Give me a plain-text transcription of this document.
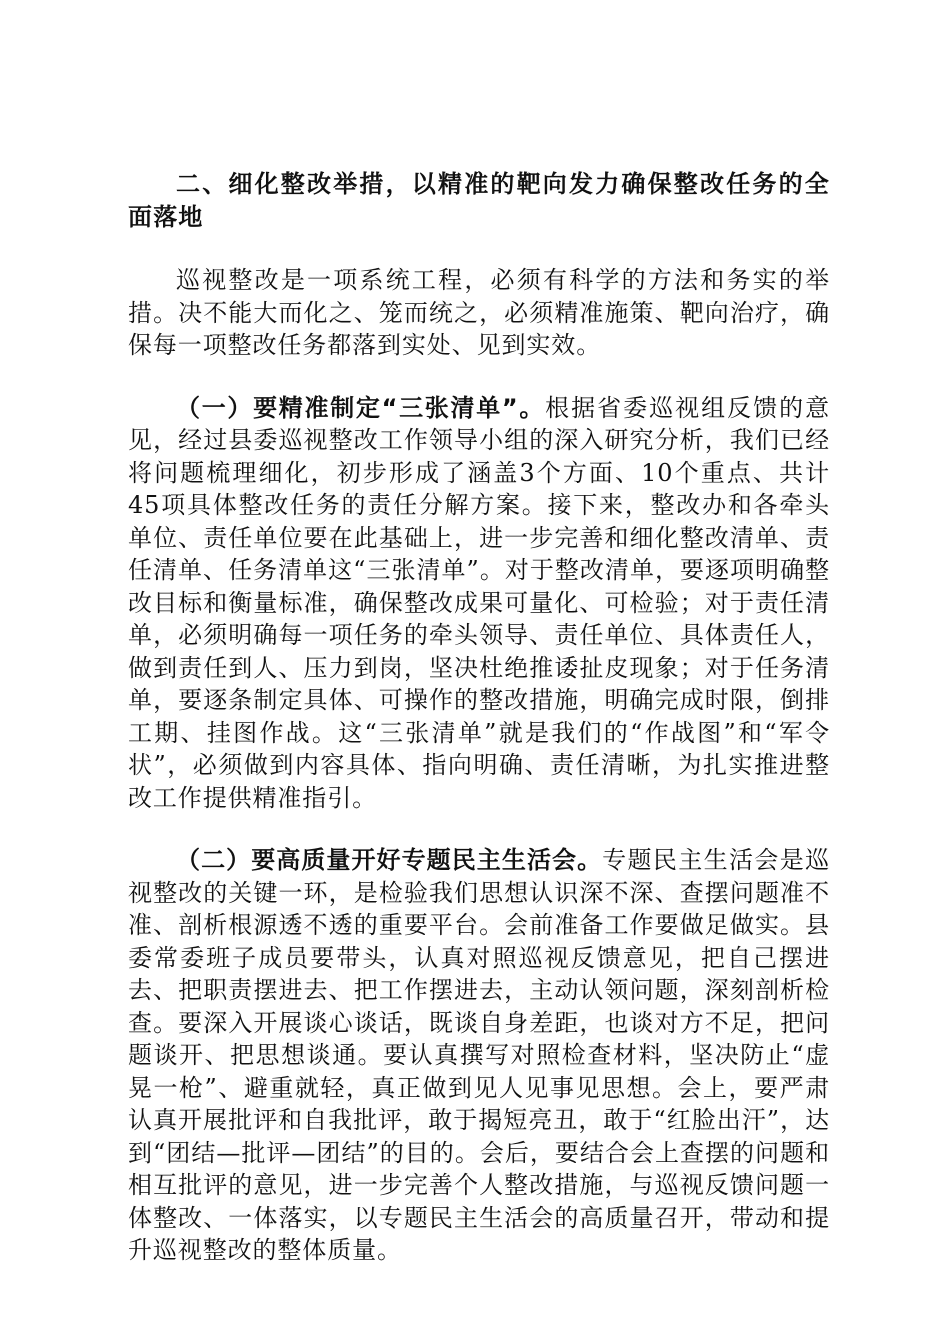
二、细化整改举措，以精准的靶向发力确保整改任务的全面落地

巡视整改是一项系统工程，必须有科学的方法和务实的举措。决不能大而化之、笼而统之，必须精准施策、靶向治疗，确保每一项整改任务都落到实处、见到实效。

（一）要精准制定“三张清单”。根据省委巡视组反馈的意见，经过县委巡视整改工作领导小组的深入研究分析，我们已经将问题梳理细化，初步形成了涵盖3个方面、10个重点、共计45项具体整改任务的责任分解方案。接下来，整改办和各牵头单位、责任单位要在此基础上，进一步完善和细化整改清单、责任清单、任务清单这“三张清单”。对于整改清单，要逐项明确整改目标和衡量标准，确保整改成果可量化、可检验；对于责任清单，必须明确每一项任务的牵头领导、责任单位、具体责任人，做到责任到人、压力到岗，坚决杜绝推诿扯皮现象；对于任务清单，要逐条制定具体、可操作的整改措施，明确完成时限，倒排工期、挂图作战。这“三张清单”就是我们的“作战图”和“军令状”，必须做到内容具体、指向明确、责任清晰，为扎实推进整改工作提供精准指引。

（二）要高质量开好专题民主生活会。专题民主生活会是巡视整改的关键一环，是检验我们思想认识深不深、查摆问题准不准、剖析根源透不透的重要平台。会前准备工作要做足做实。县委常委班子成员要带头，认真对照巡视反馈意见，把自己摆进去、把职责摆进去、把工作摆进去，主动认领问题，深刻剖析检查。要深入开展谈心谈话，既谈自身差距，也谈对方不足，把问题谈开、把思想谈通。要认真撰写对照检查材料，坚决防止“虚晃一枪”、避重就轻，真正做到见人见事见思想。会上，要严肃认真开展批评和自我批评，敢于揭短亮丑，敢于“红脸出汗”，达到“团结—批评—团结”的目的。会后，要结合会上查摆的问题和相互批评的意见，进一步完善个人整改措施，与巡视反馈问题一体整改、一体落实，以专题民主生活会的高质量召开，带动和提升巡视整改的整体质量。
